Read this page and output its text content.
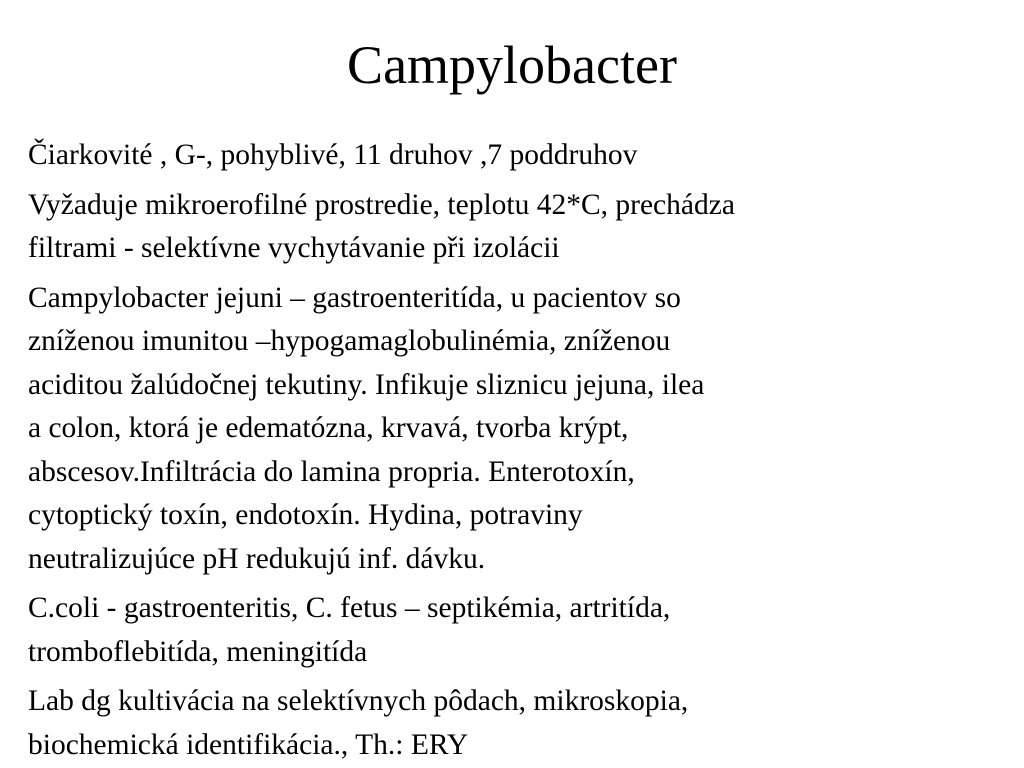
Campylobacter
Čiarkovité , G-, pohyblivé, 11 druhov ,7 poddruhov
Vyžaduje mikroerofilné prostredie, teplotu 42*C, prechádza
filtrami - selektívne vychytávanie při izolácii
Campylobacter jejuni – gastroenteritída, u pacientov so
zníženou imunitou –hypogamaglobulinémia, zníženou
aciditou žalúdočnej tekutiny. Infikuje sliznicu jejuna, ilea
a colon, ktorá je edematózna, krvavá, tvorba krýpt,
abscesov.Infiltrácia do lamina propria. Enterotoxín,
cytoptický toxín, endotoxín. Hydina, potraviny
neutralizujúce pH redukujú inf. dávku.
C.coli - gastroenteritis, C. fetus – septikémia, artritída,
tromboflebitída, meningitída
Lab dg kultivácia na selektívnych pôdach, mikroskopia,
biochemická identifikácia., Th.: ERY
